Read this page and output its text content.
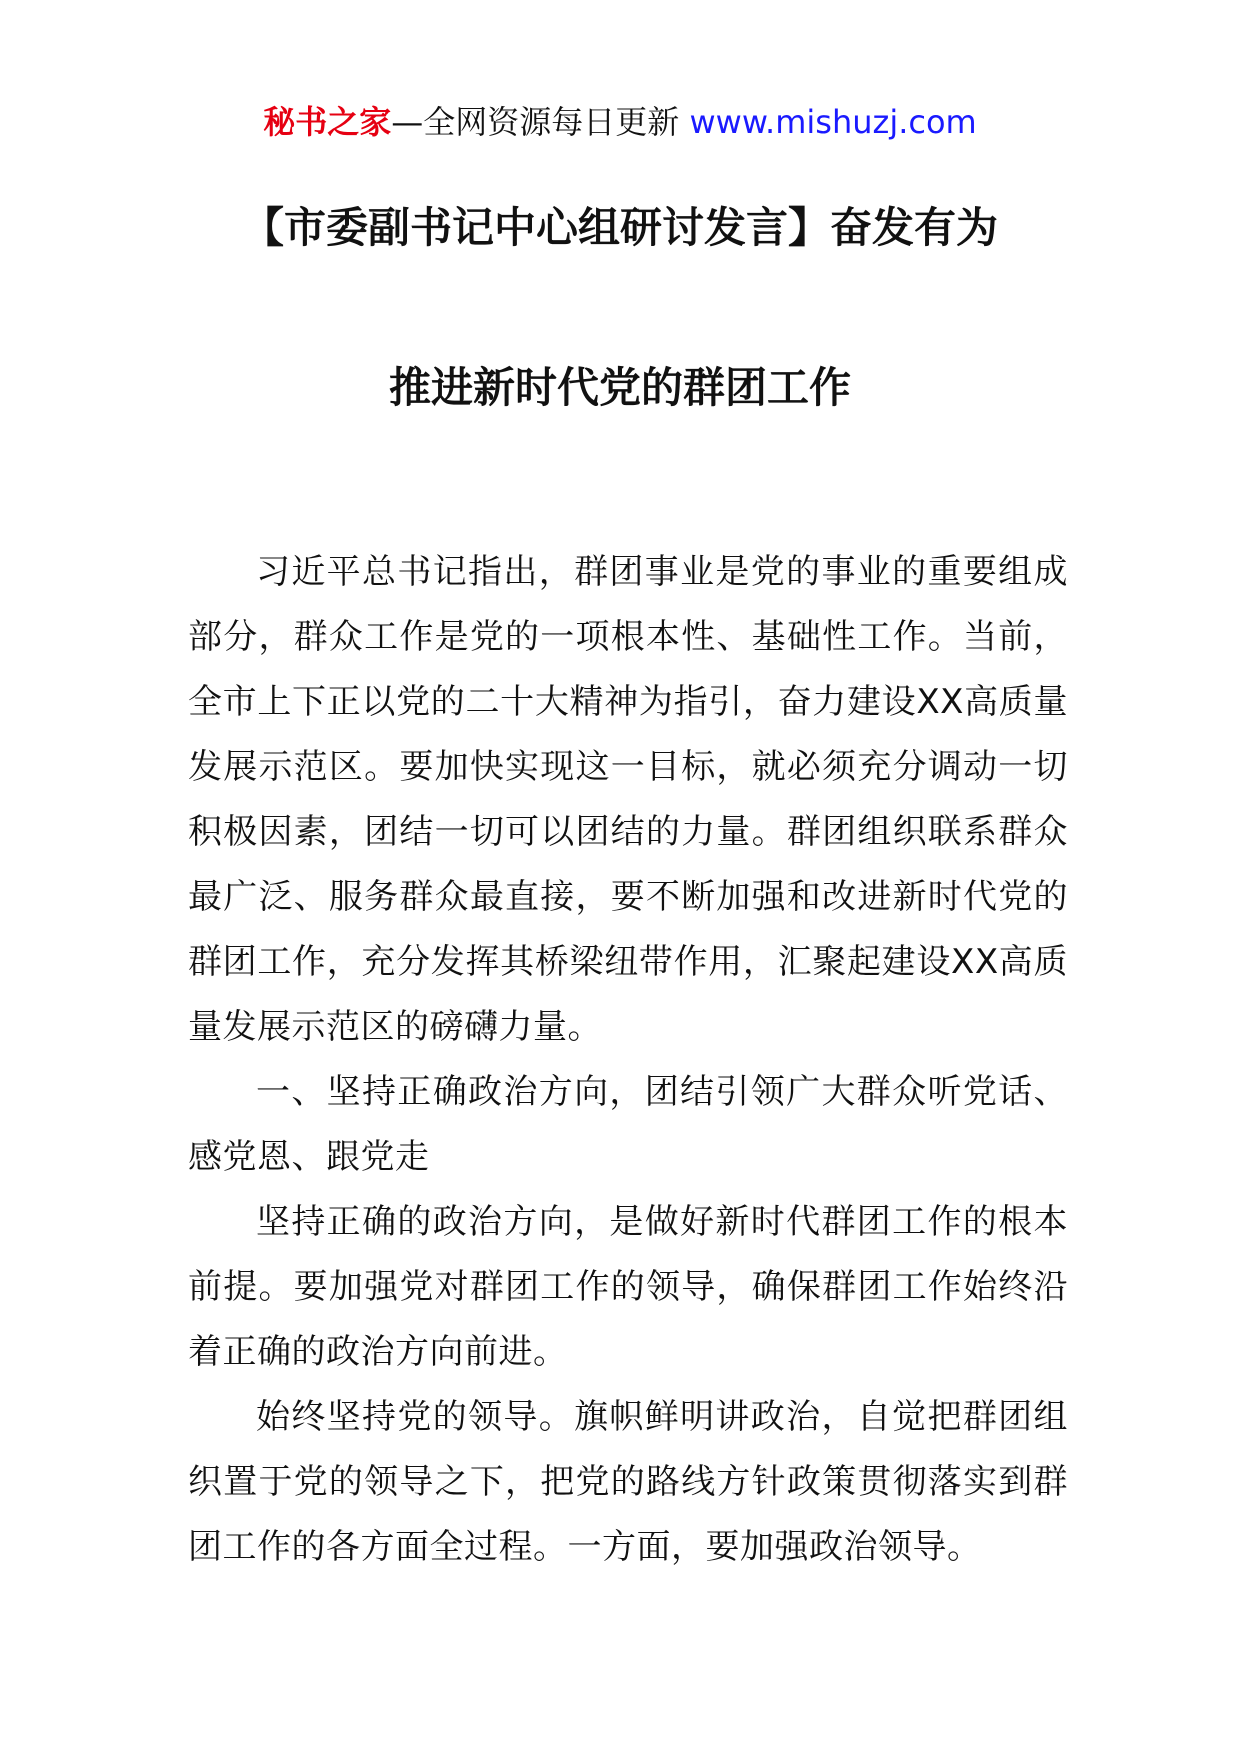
秘书之家—全网资源每日更新 www.mishuzj.com
【市委副书记中心组研讨发言】奋发有为
推进新时代党的群团工作

习近平总书记指出，群团事业是党的事业的重要组成部分，群众工作是党的一项根本性、基础性工作。当前，全市上下正以党的二十大精神为指引，奋力建设XX高质量发展示范区。要加快实现这一目标，就必须充分调动一切积极因素，团结一切可以团结的力量。群团组织联系群众最广泛、服务群众最直接，要不断加强和改进新时代党的群团工作，充分发挥其桥梁纽带作用，汇聚起建设XX高质量发展示范区的磅礴力量。

一、坚持正确政治方向，团结引领广大群众听党话、感党恩、跟党走

坚持正确的政治方向，是做好新时代群团工作的根本前提。要加强党对群团工作的领导，确保群团工作始终沿着正确的政治方向前进。

始终坚持党的领导。旗帜鲜明讲政治，自觉把群团组织置于党的领导之下，把党的路线方针政策贯彻落实到群团工作的各方面全过程。一方面，要加强政治领导。
